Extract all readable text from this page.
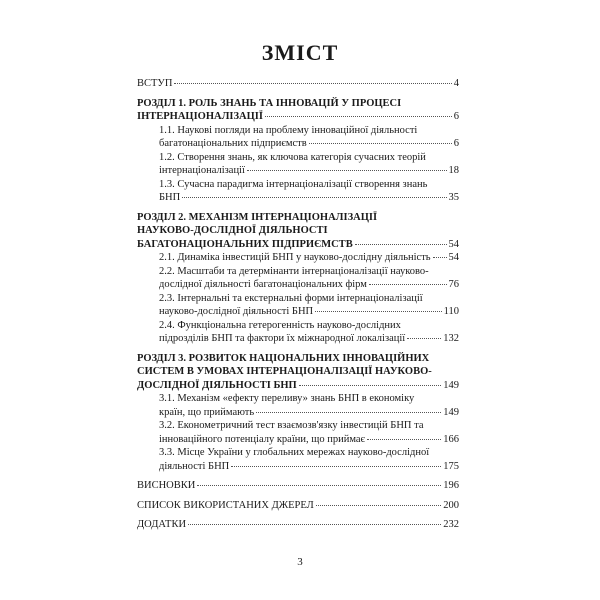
ЗМІСТ
ВСТУП	4
РОЗДІЛ 1. РОЛЬ ЗНАНЬ ТА ІННОВАЦІЙ У ПРОЦЕСІ
ІНТЕРНАЦІОНАЛІЗАЦІЇ	6
1.1. Наукові погляди на проблему інноваційної діяльності
багатонаціональних підприємств	6
1.2. Створення знань, як ключова категорія сучасних теорій
інтернаціоналізації	18
1.3. Сучасна парадигма інтернаціоналізації створення знань
БНП	35
РОЗДІЛ 2. МЕХАНІЗМ ІНТЕРНАЦІОНАЛІЗАЦІЇ
НАУКОВО-ДОСЛІДНОЇ ДІЯЛЬНОСТІ
БАГАТОНАЦІОНАЛЬНИХ ПІДПРИЄМСТВ	54
2.1. Динаміка інвестицій БНП у науково-дослідну діяльність 54
2.2. Масштаби та детермінанти інтернаціоналізації науково-
дослідної діяльності багатонаціональних фірм	76
2.3. Інтернальні та екстернальні форми інтернаціоналізації
науково-дослідної діяльності БНП	110
2.4. Функціональна гетерогенність науково-дослідних
підрозділів БНП та фактори їх міжнародної локалізації	132
РОЗДІЛ 3. РОЗВИТОК НАЦІОНАЛЬНИХ ІННОВАЦІЙНИХ
СИСТЕМ В УМОВАХ ІНТЕРНАЦІОНАЛІЗАЦІЇ НАУКОВО-
ДОСЛІДНОЇ ДІЯЛЬНОСТІ БНП	149
3.1. Механізм «ефекту переливу» знань БНП в економіку
країн, що приймають	149
3.2. Економетричний тест взаємозв'язку інвестицій БНП та
інноваційного потенціалу країни, що приймає	166
3.3. Місце України у глобальних мережах науково-дослідної
діяльності БНП	175
ВИСНОВКИ	196
СПИСОК ВИКОРИСТАНИХ ДЖЕРЕЛ	200
ДОДАТКИ	232
3
